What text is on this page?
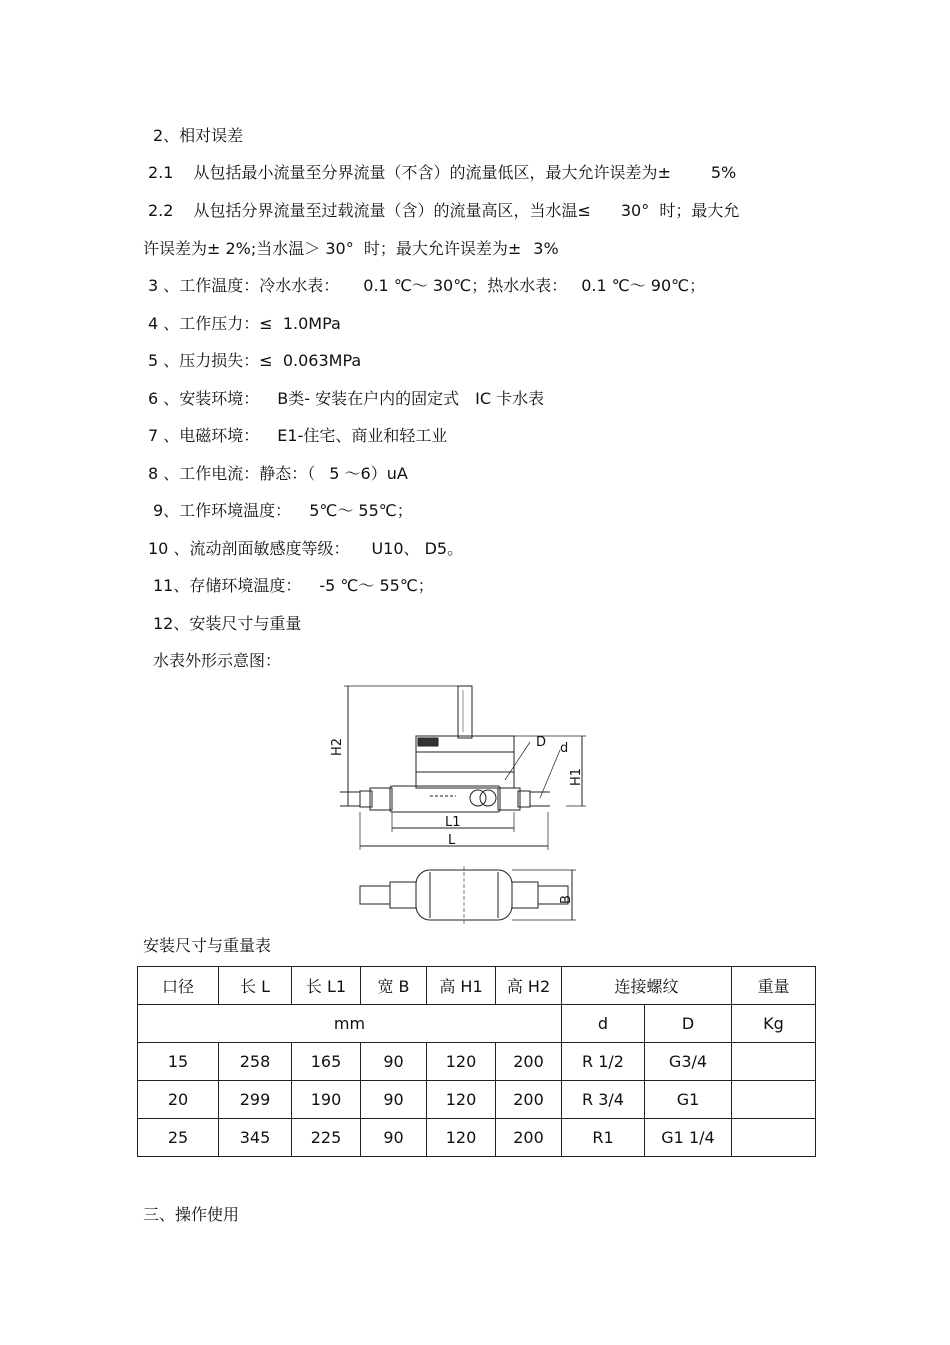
2、相对误差
2.1 从包括最小流量至分界流量（不含）的流量低区，最大允许误差为±	5%
2.2 从包括分界流量至过载流量（含）的流量高区，当水温≤ 30°  时；最大允
许误差为± 2%;当水温＞ 30°  时；最大允许误差为± 3%
3 、工作温度：冷水水表： 0.1 ℃～ 30℃；热水水表： 0.1 ℃～ 90℃；
4 、工作压力：≤  1.0MPa
5 、压力损失：≤  0.063MPa
6 、安装环境： B类- 安装在户内的固定式 IC 卡水表
7 、电磁环境： E1-住宅、商业和轻工业
8 、工作电流：静态：（ 5 ～6）uA
9、工作环境温度： 5℃～ 55℃；
10 、流动剖面敏感度等级： U10、 D5。
11、存储环境温度： -5 ℃～ 55℃；
12、安装尺寸与重量
水表外形示意图：
H2
H1
D d
L1
L
B
安装尺寸与重量表
口径	长 L	长 L1	宽 B	高 H1	高 H2	连接螺纹		重量
mm						d	D	Kg
15	258	165	90	120	200	R 1/2	G3/4	
20	299	190	90	120	200	R 3/4	G1	
25	345	225	90	120	200	R1	G1 1/4	
三、操作使用
